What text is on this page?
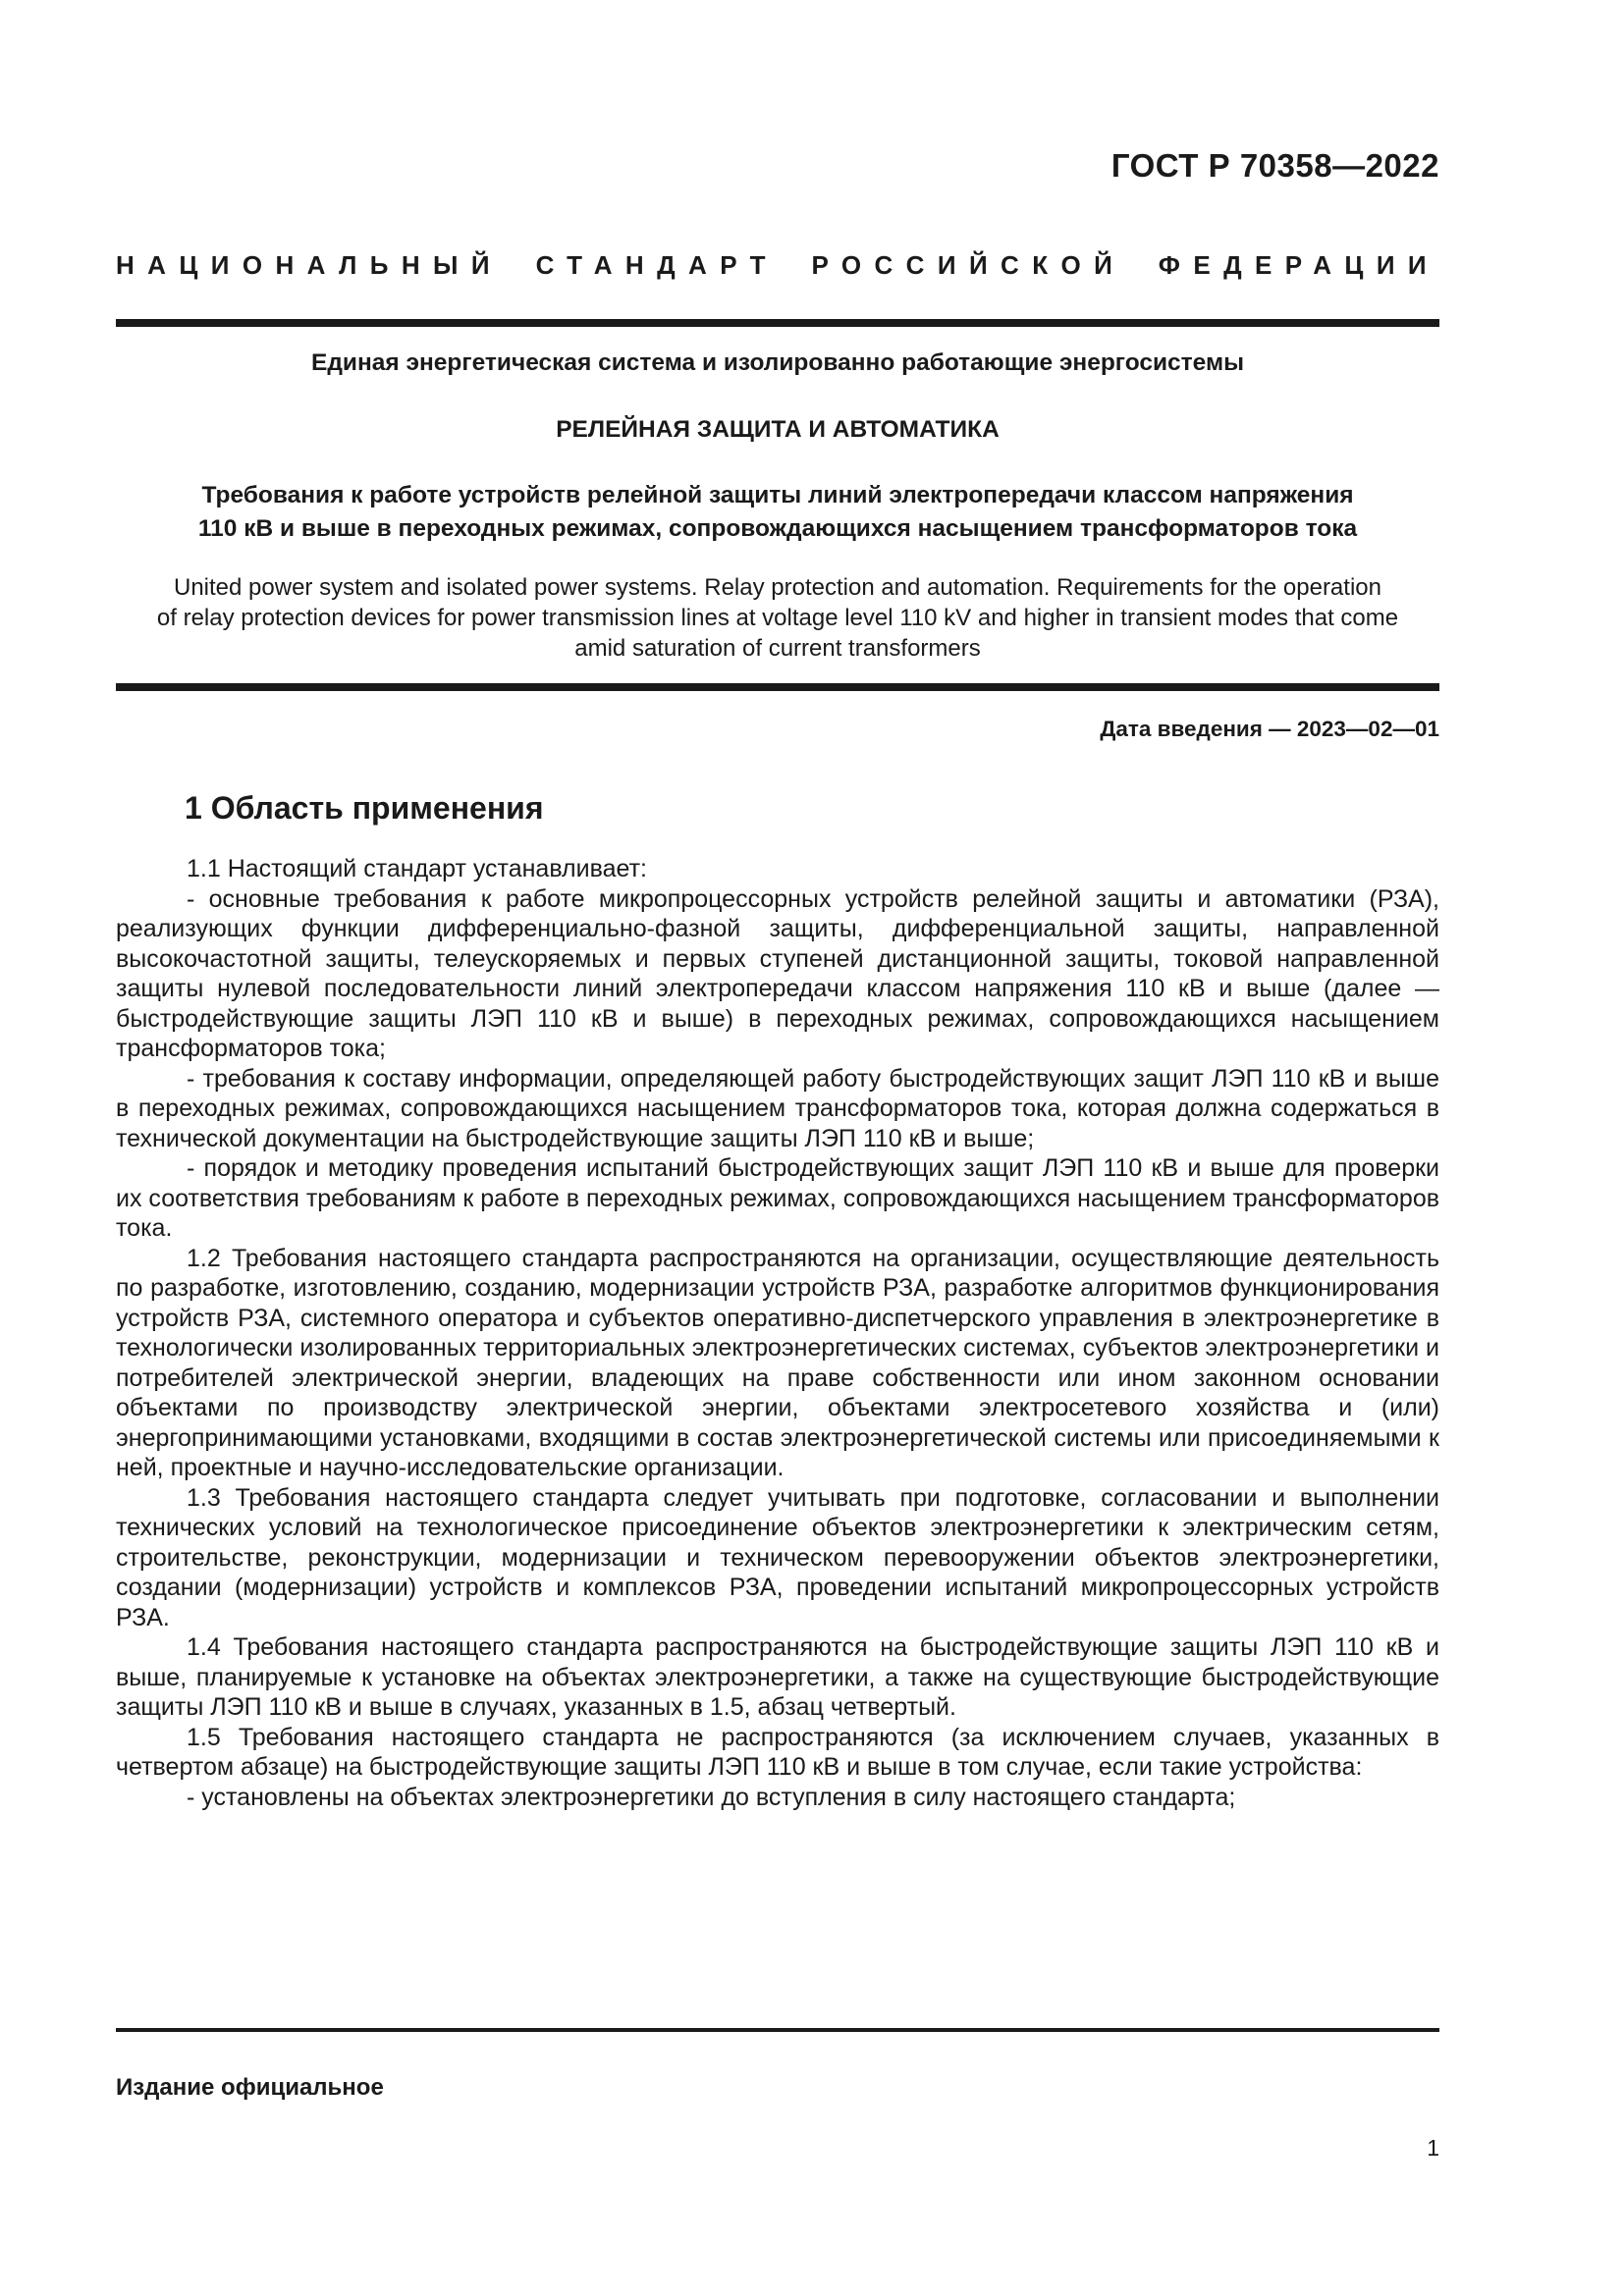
ГОСТ Р 70358—2022
НАЦИОНАЛЬНЫЙ СТАНДАРТ РОССИЙСКОЙ ФЕДЕРАЦИИ
Единая энергетическая система и изолированно работающие энергосистемы
РЕЛЕЙНАЯ ЗАЩИТА И АВТОМАТИКА
Требования к работе устройств релейной защиты линий электропередачи классом напряжения
110 кВ и выше в переходных режимах, сопровождающихся насыщением трансформаторов тока
United power system and isolated power systems. Relay protection and automation. Requirements for the operation
of relay protection devices for power transmission lines at voltage level 110 kV and higher in transient modes that come
amid saturation of current transformers
Дата введения — 2023—02—01
1 Область применения

1.1 Настоящий стандарт устанавливает:

- основные требования к работе микропроцессорных устройств релейной защиты и автоматики (РЗА), реализующих функции дифференциально-фазной защиты, дифференциальной защиты, направленной высокочастотной защиты, телеускоряемых и первых ступеней дистанционной защиты, токовой направленной защиты нулевой последовательности линий электропередачи классом напряжения 110 кВ и выше (далее — быстродействующие защиты ЛЭП 110 кВ и выше) в переходных режимах, сопровождающихся насыщением трансформаторов тока;

- требования к составу информации, определяющей работу быстродействующих защит ЛЭП 110 кВ и выше в переходных режимах, сопровождающихся насыщением трансформаторов тока, которая должна содержаться в технической документации на быстродействующие защиты ЛЭП 110 кВ и выше;

- порядок и методику проведения испытаний быстродействующих защит ЛЭП 110 кВ и выше для проверки их соответствия требованиям к работе в переходных режимах, сопровождающихся насыщением трансформаторов тока.

1.2 Требования настоящего стандарта распространяются на организации, осуществляющие деятельность по разработке, изготовлению, созданию, модернизации устройств РЗА, разработке алгоритмов функционирования устройств РЗА, системного оператора и субъектов оперативно-диспетчерского управления в электроэнергетике в технологически изолированных территориальных электроэнергетических системах, субъектов электроэнергетики и потребителей электрической энергии, владеющих на праве собственности или ином законном основании объектами по производству электрической энергии, объектами электросетевого хозяйства и (или) энергопринимающими установками, входящими в состав электроэнергетической системы или присоединяемыми к ней, проектные и научно-исследовательские организации.

1.3 Требования настоящего стандарта следует учитывать при подготовке, согласовании и выполнении технических условий на технологическое присоединение объектов электроэнергетики к электрическим сетям, строительстве, реконструкции, модернизации и техническом перевооружении объектов электроэнергетики, создании (модернизации) устройств и комплексов РЗА, проведении испытаний микропроцессорных устройств РЗА.

1.4 Требования настоящего стандарта распространяются на быстродействующие защиты ЛЭП 110 кВ и выше, планируемые к установке на объектах электроэнергетики, а также на существующие быстродействующие защиты ЛЭП 110 кВ и выше в случаях, указанных в 1.5, абзац четвертый.

1.5 Требования настоящего стандарта не распространяются (за исключением случаев, указанных в четвертом абзаце) на быстродействующие защиты ЛЭП 110 кВ и выше в том случае, если такие устройства:

- установлены на объектах электроэнергетики до вступления в силу настоящего стандарта;

Издание официальное
1
